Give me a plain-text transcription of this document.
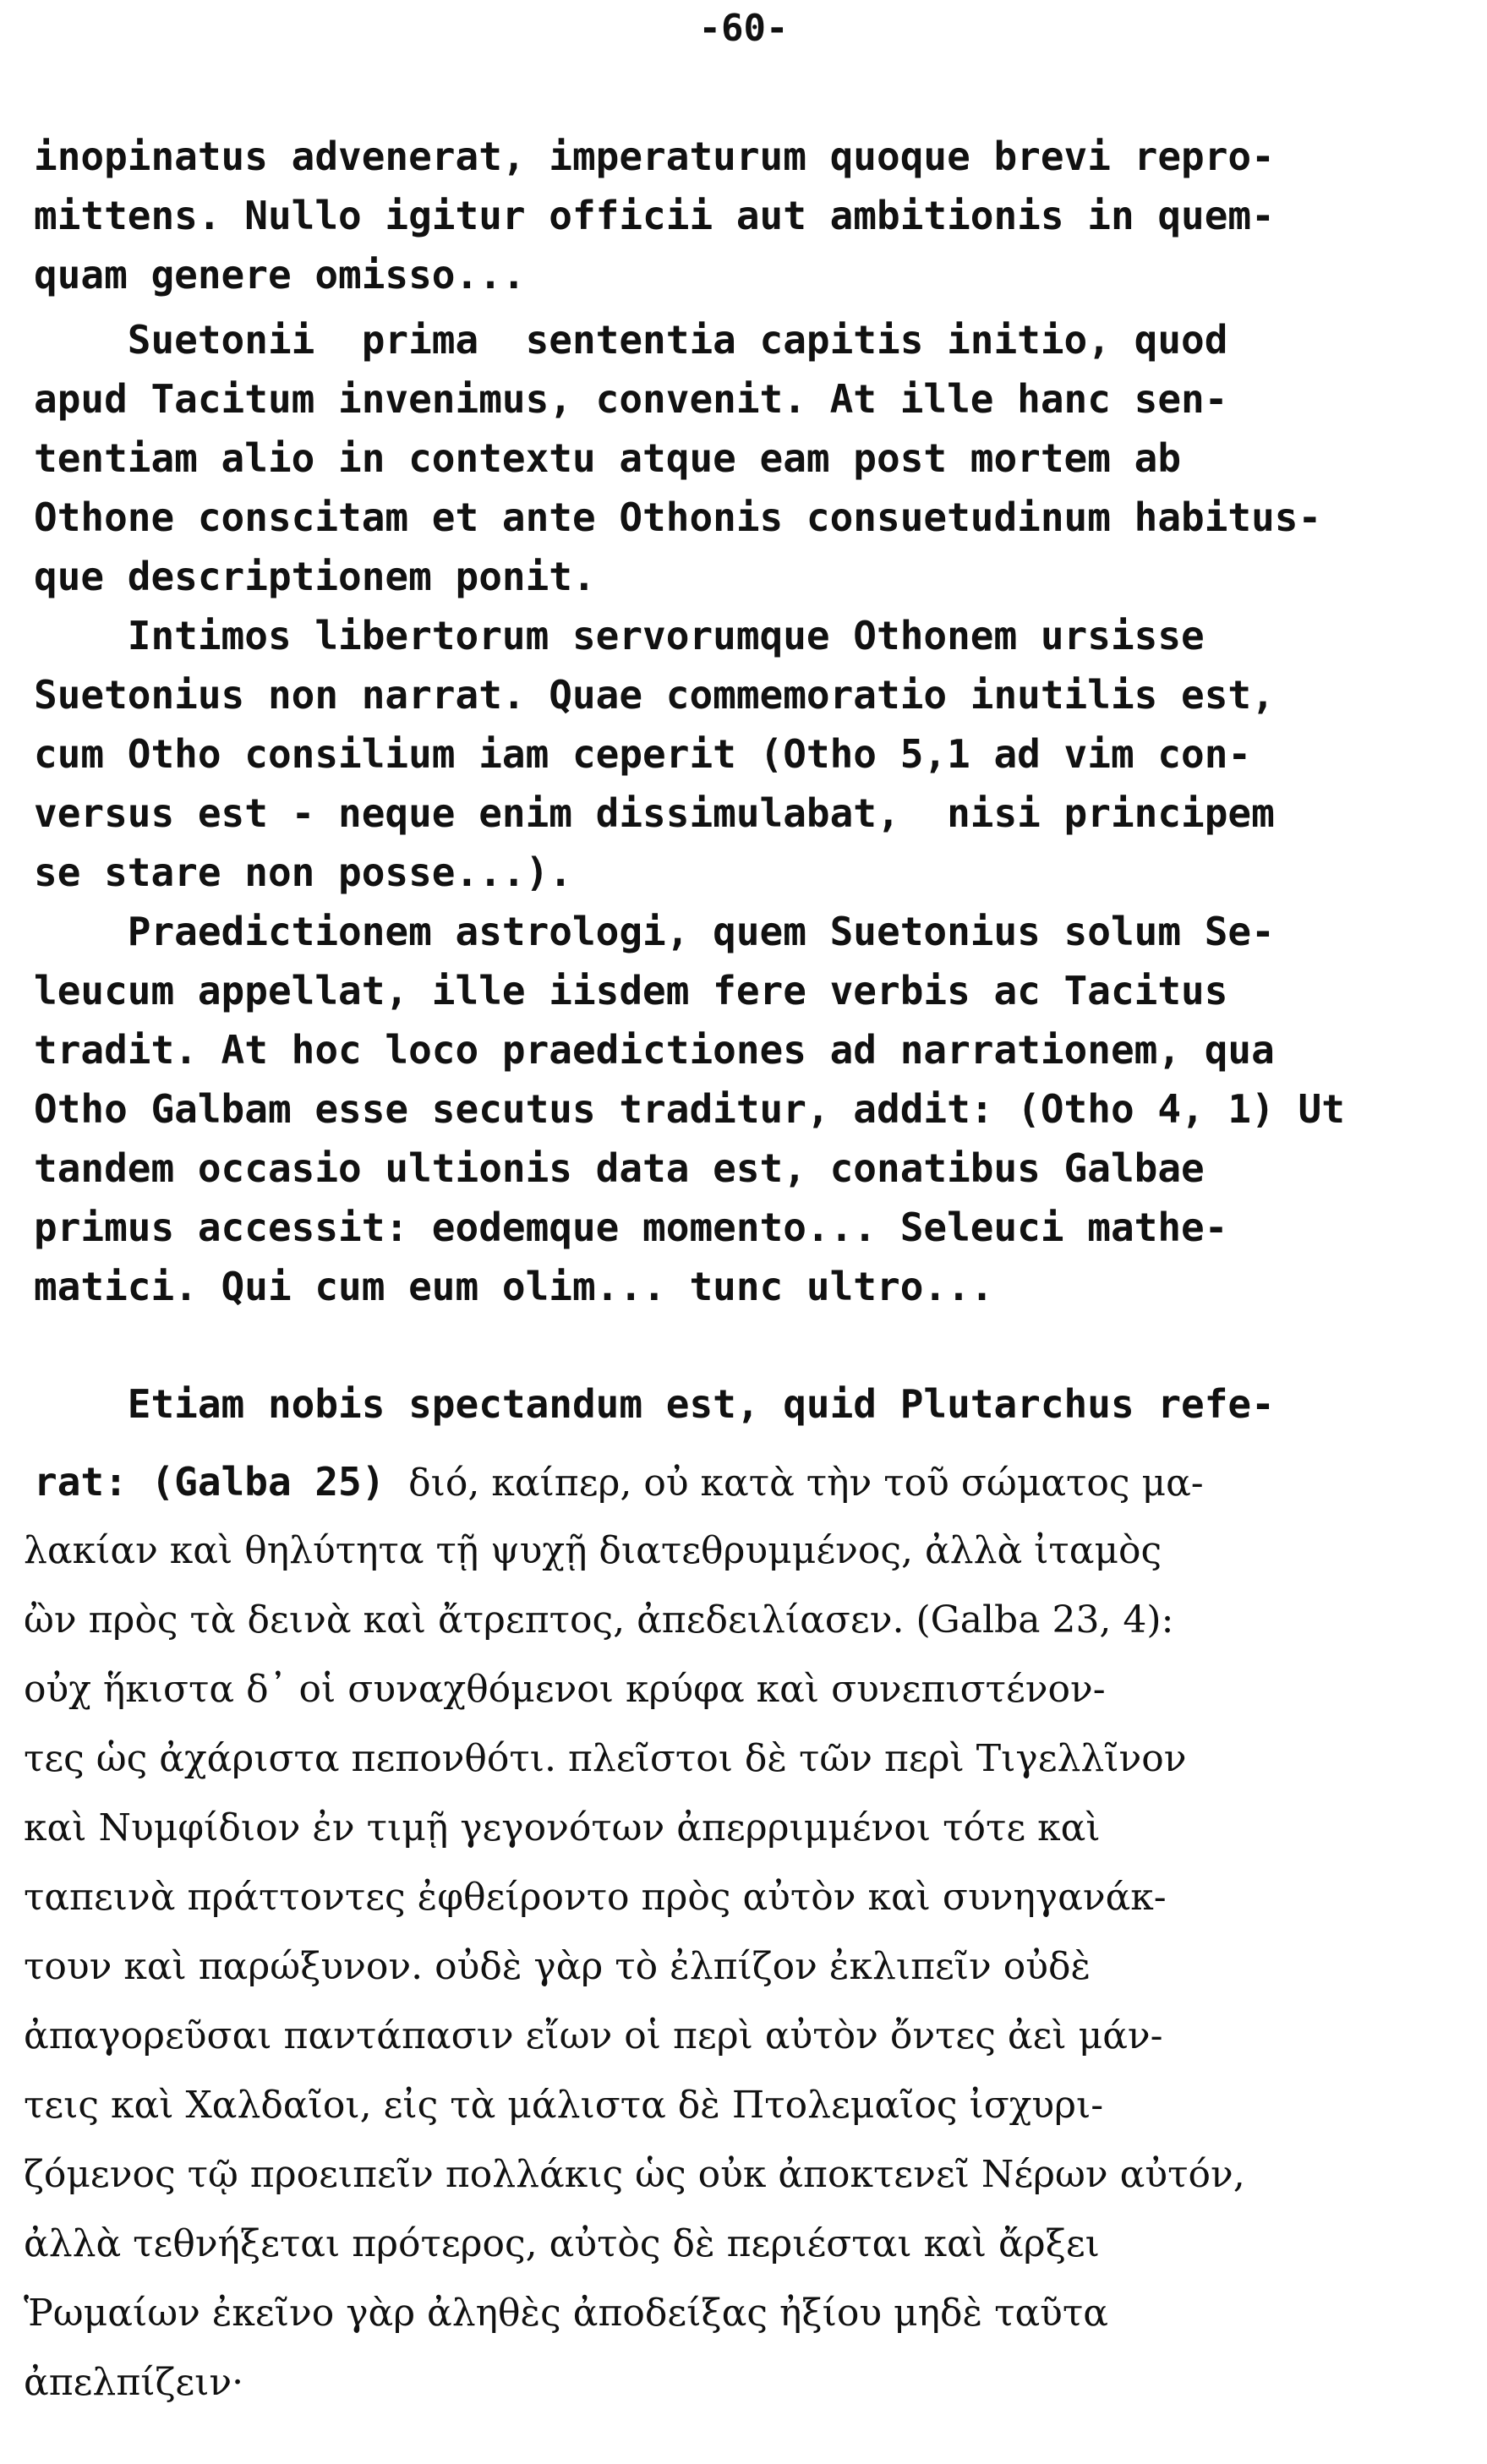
-60-
inopinatus advenerat, imperaturum quoque brevi repro-
mittens. Nullo igitur officii aut ambitionis in quem-
quam genere omisso...
Suetonii  prima  sententia capitis initio, quod
apud Tacitum invenimus, convenit. At ille hanc sen-
tentiam alio in contextu atque eam post mortem ab
Othone conscitam et ante Othonis consuetudinum habitus-
que descriptionem ponit.
Intimos libertorum servorumque Othonem ursisse
Suetonius non narrat. Quae commemoratio inutilis est,
cum Otho consilium iam ceperit (Otho 5,1 ad vim con-
versus est - neque enim dissimulabat,  nisi principem
se stare non posse...).
Praedictionem astrologi, quem Suetonius solum Se-
leucum appellat, ille iisdem fere verbis ac Tacitus
tradit. At hoc loco praedictiones ad narrationem, qua
Otho Galbam esse secutus traditur, addit: (Otho 4, 1) Ut
tandem occasio ultionis data est, conatibus Galbae
primus accessit: eodemque momento... Seleuci mathe-
matici. Qui cum eum olim... tunc ultro...
Etiam nobis spectandum est, quid Plutarchus refe-
rat: (Galba 25) διό, καίπερ, οὐ κατὰ τὴν τοῦ σώματος μα-
λακίαν καὶ θηλύτητα τῇ ψυχῇ διατεθρυμμένος, ἀλλὰ ἰταμὸς
ὢν πρὸς τὰ δεινὰ καὶ ἄτρεπτος, ἀπεδειλίασεν. (Galba 23, 4):
οὐχ ἥκιστα δ᾽ οἱ συναχθόμενοι κρύφα καὶ συνεπιστένον-
τες ὡς ἀχάριστα πεπονθότι. πλεῖστοι δὲ τῶν περὶ Τιγελλῖνον
καὶ Νυμφίδιον ἐν τιμῇ γεγονότων ἀπερριμμένοι τότε καὶ
ταπεινὰ πράττοντες ἐφθείροντο πρὸς αὐτὸν καὶ συνηγανάκ-
τουν καὶ παρώξυνον. οὐδὲ γὰρ τὸ ἐλπίζον ἐκλιπεῖν οὐδὲ
ἀπαγορεῦσαι παντάπασιν εἴων οἱ περὶ αὐτὸν ὄντες ἀεὶ μάν-
τεις καὶ Χαλδαῖοι, εἰς τὰ μάλιστα δὲ Πτολεμαῖος ἰσχυρι-
ζόμενος τῷ προειπεῖν πολλάκις ὡς οὐκ ἀποκτενεῖ Νέρων αὐτόν,
ἀλλὰ τεθνήξεται πρότερος, αὐτὸς δὲ περιέσται καὶ ἄρξει
Ῥωμαίων ἐκεῖνο γὰρ ἀληθὲς ἀποδείξας ἠξίου μηδὲ ταῦτα
ἀπελπίζειν·
